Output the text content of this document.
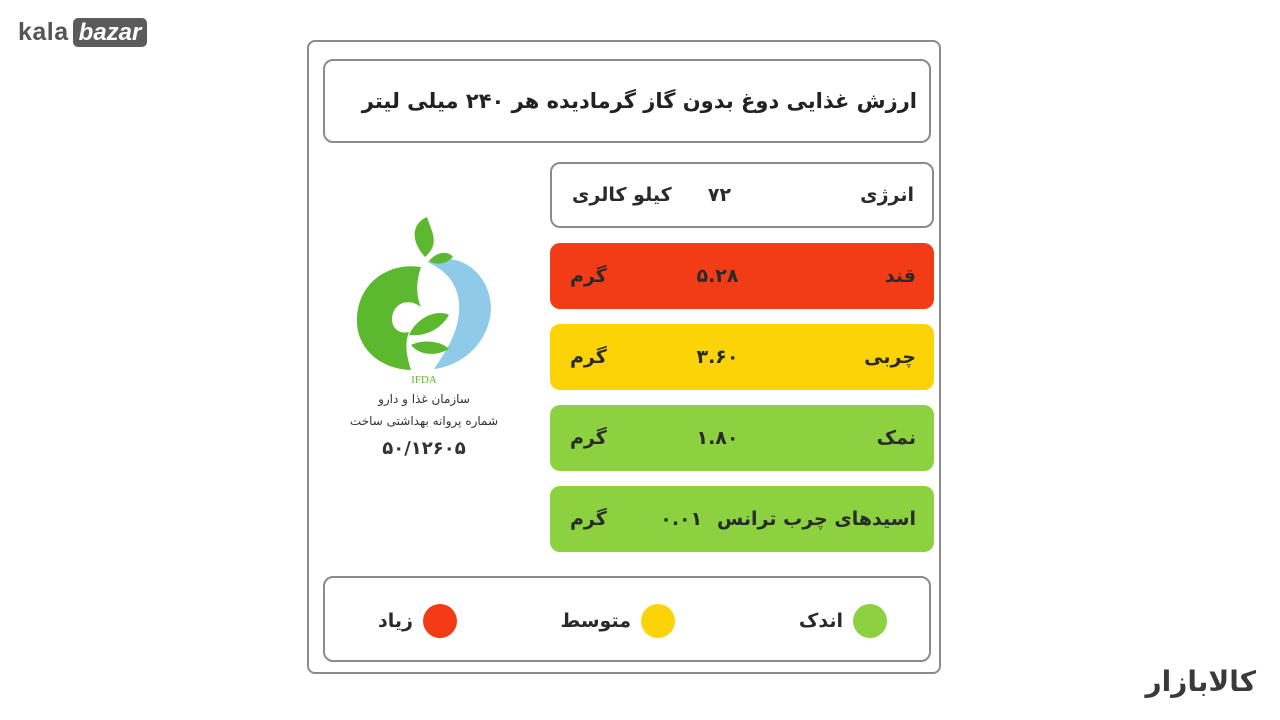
kala bazar
کالابازار
ارزش غذایی دوغ بدون گاز گرمادیده هر ۲۴۰ میلی لیتر
IFDA
سازمان غذا و دارو
شماره پروانه بهداشتی ساخت
۵۰/۱۲۶۰۵
انرژی
۷۲
کیلو کالری
قند
۵.۲۸
گرم
چربی
۳.۶۰
گرم
نمک
۱.۸۰
گرم
اسیدهای چرب ترانس
۰.۰۱
گرم
اندک
متوسط
زیاد
